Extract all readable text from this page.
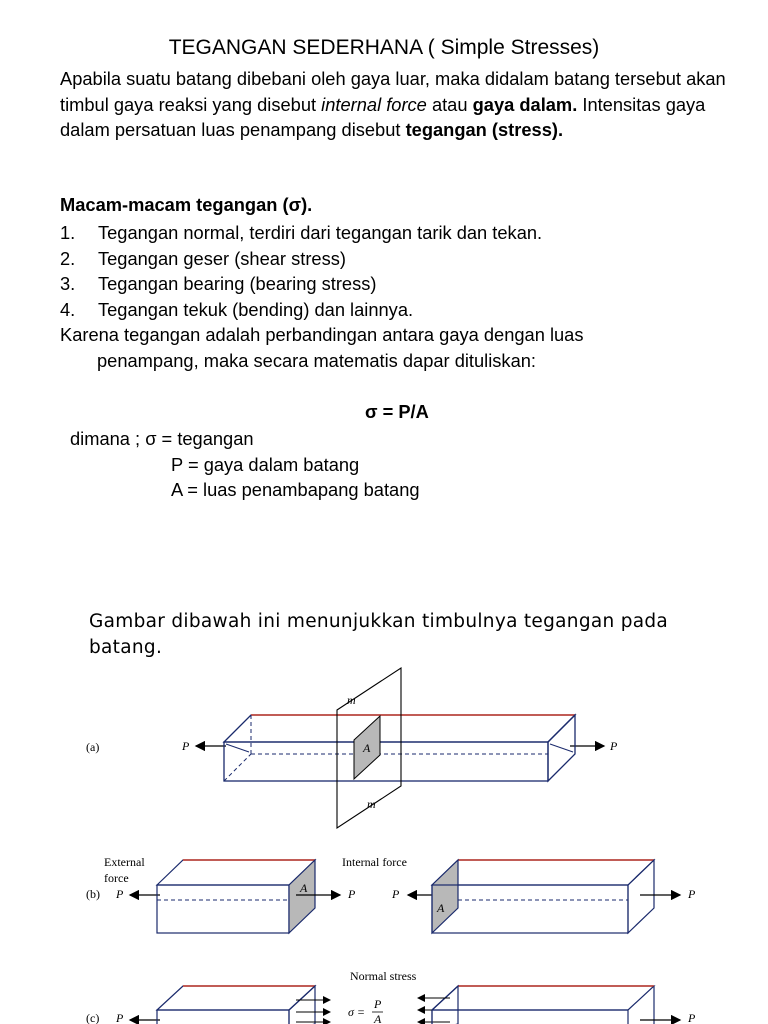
TEGANGAN SEDERHANA ( Simple Stresses)
Apabila suatu batang dibebani oleh gaya luar, maka didalam batang tersebut akan timbul gaya reaksi yang disebut internal force atau gaya dalam. Intensitas gaya dalam persatuan luas penampang disebut tegangan (stress).
Macam-macam tegangan (σ).
1. Tegangan normal, terdiri dari tegangan tarik dan tekan.
2. Tegangan geser (shear stress)
3. Tegangan bearing (bearing stress)
4. Tegangan tekuk (bending) dan lainnya.
Karena tegangan adalah perbandingan antara gaya dengan luas
penampang, maka secara matematis dapar dituliskan:
σ = P/A
dimana ; σ = tegangan
P = gaya dalam batang
A = luas penambapang batang
Gambar dibawah ini menunjukkan timbulnya tegangan pada batang.
(a)	P	P
A
m
m
External
force
(b) P	A	P
Internal force
P
A
P
Normal stress
(c) P	σ =
P
A	P
